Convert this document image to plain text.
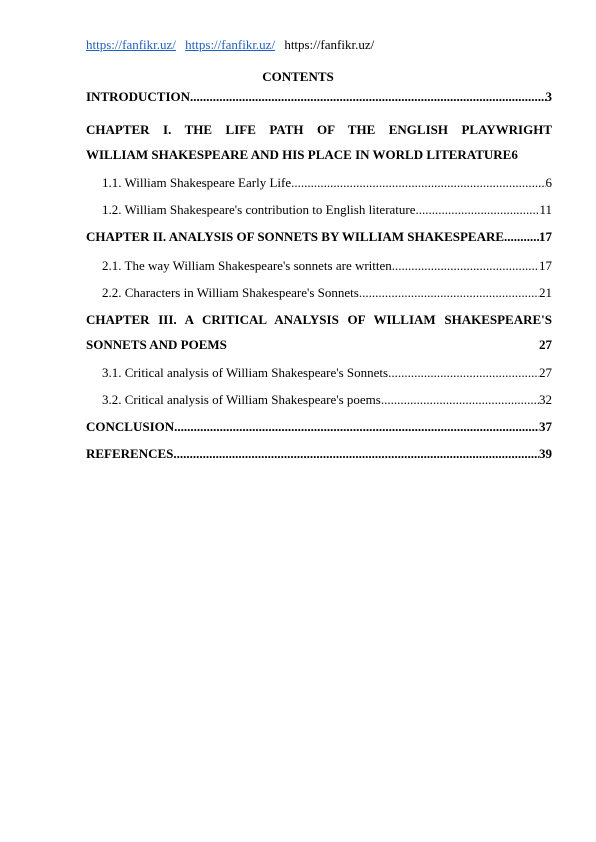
https://fanfikr.uz/ https://fanfikr.uz/ https://fanfikr.uz/
CONTENTS
INTRODUCTION .....	3
CHAPTER I. THE LIFE PATH OF THE ENGLISH PLAYWRIGHT
WILLIAM SHAKESPEARE AND HIS PLACE IN WORLD LITERATURE 6
1.1. William Shakespeare Early Life .....	6
1.2. William Shakespeare's contribution to English literature .....	11
CHAPTER II. ANALYSIS OF SONNETS BY WILLIAM SHAKESPEARE .....	17
2.1. The way William Shakespeare's sonnets are written .....	17
2.2. Characters in William Shakespeare's Sonnets .....	21
CHAPTER III. A CRITICAL ANALYSIS OF WILLIAM SHAKESPEARE'S
SONNETS AND POEMS	27
3.1. Critical analysis of William Shakespeare's Sonnets .....	27
3.2. Critical analysis of William Shakespeare's poems .....	32
CONCLUSION .....	37
REFERENCES .....	39
